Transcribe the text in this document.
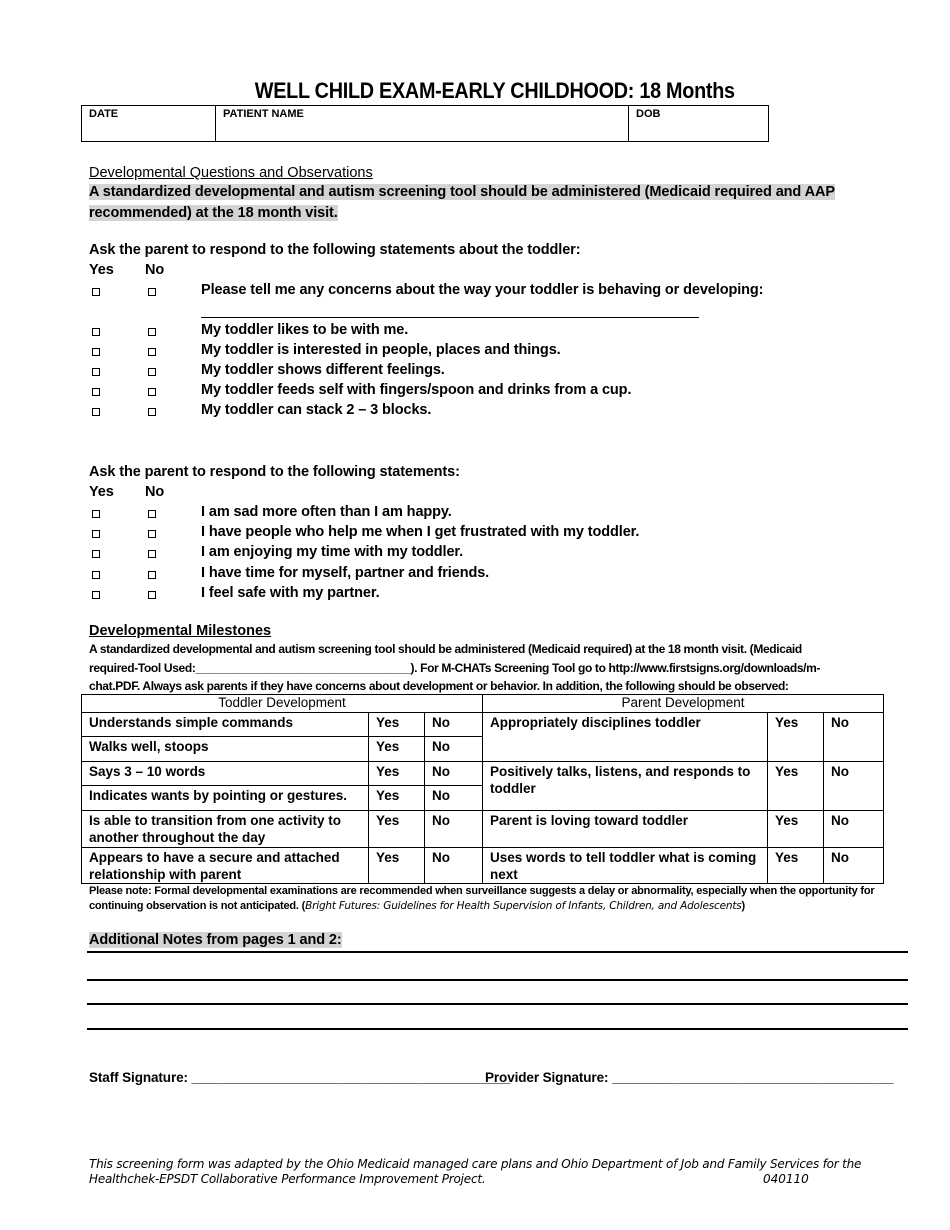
WELL CHILD EXAM-EARLY CHILDHOOD: 18 Months
DATE	PATIENT NAME	DOB
Developmental Questions and Observations
A standardized developmental and autism screening tool should be administered (Medicaid required and AAP
recommended) at the 18 month visit.
Ask the parent to respond to the following statements about the toddler:
Yes No
Please tell me any concerns about the way your toddler is behaving or developing:
My toddler likes to be with me.
My toddler is interested in people, places and things.
My toddler shows different feelings.
My toddler feeds self with fingers/spoon and drinks from a cup.
My toddler can stack 2 – 3 blocks.
Ask the parent to respond to the following statements:
Yes No
I am sad more often than I am happy.
I have people who help me when I get frustrated with my toddler.
I am enjoying my time with my toddler.
I have time for myself, partner and friends.
I feel safe with my partner.
Developmental Milestones
A standardized developmental and autism screening tool should be administered (Medicaid required) at the 18 month visit. (Medicaid
required-Tool Used:__________________________________). For M-CHATs Screening Tool go to http://www.firstsigns.org/downloads/m-
chat.PDF. Always ask parents if they have concerns about development or behavior. In addition, the following should be observed:
Toddler Development			Parent Development		
Understands simple commands	Yes	No	Appropriately disciplines toddler	Yes	No
Walks well, stoops	Yes	No			
Says 3 – 10 words	Yes	No	Positively talks, listens, and responds to toddler	Yes	No
Indicates wants by pointing or gestures.	Yes	No			
Is able to transition from one activity to another throughout the day	Yes	No	Parent is loving toward toddler	Yes	No
Appears to have a secure and attached relationship with parent	Yes	No	Uses words to tell toddler what is coming next	Yes	No
Please note: Formal developmental examinations are recommended when surveillance suggests a delay or abnormality, especially when the opportunity for continuing observation is not anticipated. (Bright Futures: Guidelines for Health Supervision of Infants, Children, and Adolescents)
Additional Notes from pages 1 and 2:
Staff Signature: ___________________________________________
Provider Signature: ______________________________________
This screening form was adapted by the Ohio Medicaid managed care plans and Ohio Department of Job and Family Services for the
Healthchek-EPSDT Collaborative Performance Improvement Project.	040110
